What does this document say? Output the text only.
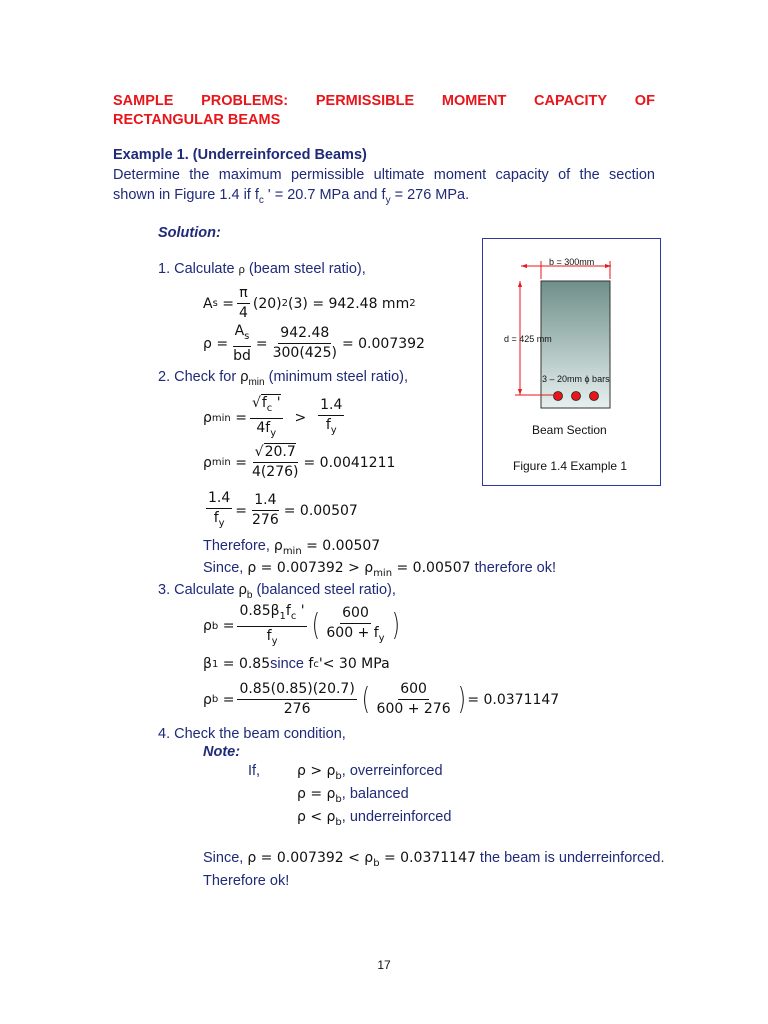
SAMPLE PROBLEMS: PERMISSIBLE MOMENT CAPACITY OF
RECTANGULAR BEAMS
Example 1. (Underreinforced Beams)
Determine the maximum permissible ultimate moment capacity of the section
shown in Figure 1.4 if $f_c$ ' = 20.7 MPa and $f_y = 276$ MPa.
Solution:
1. Calculate ρ (beam steel ratio),
A $s = \frac{\pi}{4} (20)$ 2 (3) = 942.48 mm 2
$\rho = \frac{A_s}{bd} = \frac{942.48}{300(425)} = 0.007392$
2. Check for $\rho_{min}$ (minimum steel ratio),
ρ $\min = \frac{√f_c '}{4f_y} > \frac{1.4}{f_y}$
ρ $\min = \frac{√20.7}{4(276)} = 0.0041211$
$\frac{1.4}{f_y} = \frac{1.4}{276} = 0.00507$
Therefore, $\rho_{min} = 0.00507$
Since, $\rho = 0.007392 > \rho_{min} = 0.00507$ therefore ok!
3. Calculate $\rho_b$ (balanced steel ratio),
ρ $b = \frac{0.85\beta_1f_c '}{f_y}$ ( $\frac{600}{600 + f_y}$ )
β 1
= 0.85 since f c ' < 30 MPa
ρ $b = \frac{0.85(0.85)(20.7)}{276}$ ( $\frac{600}{600 + 276}$ ) = 0.0371147
4. Check the beam condition,
Note:
If,	$\rho > \rho_b$, overreinforced
$\rho = \rho_b$, balanced
$\rho < \rho_b$, underreinforced
Since, $\rho = 0.007392 < \rho_b = 0.0371147$ the beam is underreinforced.
Therefore ok!
b = 300mm
d = 425 mm
3 – 20mm ϕ bars
Beam Section
Figure 1.4 Example 1
17
